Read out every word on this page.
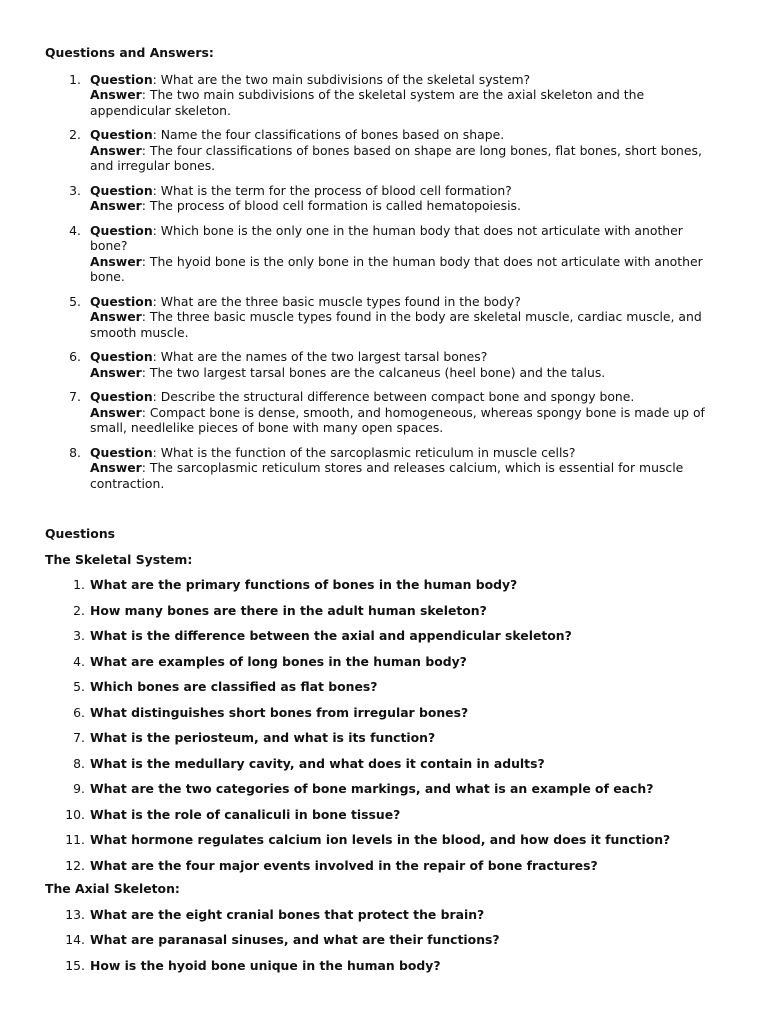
Questions and Answers:

1. Question: What are the two main subdivisions of the skeletal system?
Answer: The two main subdivisions of the skeletal system are the axial skeleton and the appendicular skeleton.
2. Question: Name the four classifications of bones based on shape.
Answer: The four classifications of bones based on shape are long bones, flat bones, short bones, and irregular bones.
3. Question: What is the term for the process of blood cell formation?
Answer: The process of blood cell formation is called hematopoiesis.
4. Question: Which bone is the only one in the human body that does not articulate with another bone?
Answer: The hyoid bone is the only bone in the human body that does not articulate with another bone.
5. Question: What are the three basic muscle types found in the body?
Answer: The three basic muscle types found in the body are skeletal muscle, cardiac muscle, and smooth muscle.
6. Question: What are the names of the two largest tarsal bones?
Answer: The two largest tarsal bones are the calcaneus (heel bone) and the talus.
7. Question: Describe the structural difference between compact bone and spongy bone.
Answer: Compact bone is dense, smooth, and homogeneous, whereas spongy bone is made up of small, needlelike pieces of bone with many open spaces.
8. Question: What is the function of the sarcoplasmic reticulum in muscle cells?
Answer: The sarcoplasmic reticulum stores and releases calcium, which is essential for muscle contraction.

Questions

The Skeletal System:

1. What are the primary functions of bones in the human body?
2. How many bones are there in the adult human skeleton?
3. What is the difference between the axial and appendicular skeleton?
4. What are examples of long bones in the human body?
5. Which bones are classified as flat bones?
6. What distinguishes short bones from irregular bones?
7. What is the periosteum, and what is its function?
8. What is the medullary cavity, and what does it contain in adults?
9. What are the two categories of bone markings, and what is an example of each?
10. What is the role of canaliculi in bone tissue?
11. What hormone regulates calcium ion levels in the blood, and how does it function?
12. What are the four major events involved in the repair of bone fractures?

The Axial Skeleton:

13. What are the eight cranial bones that protect the brain?
14. What are paranasal sinuses, and what are their functions?
15. How is the hyoid bone unique in the human body?
